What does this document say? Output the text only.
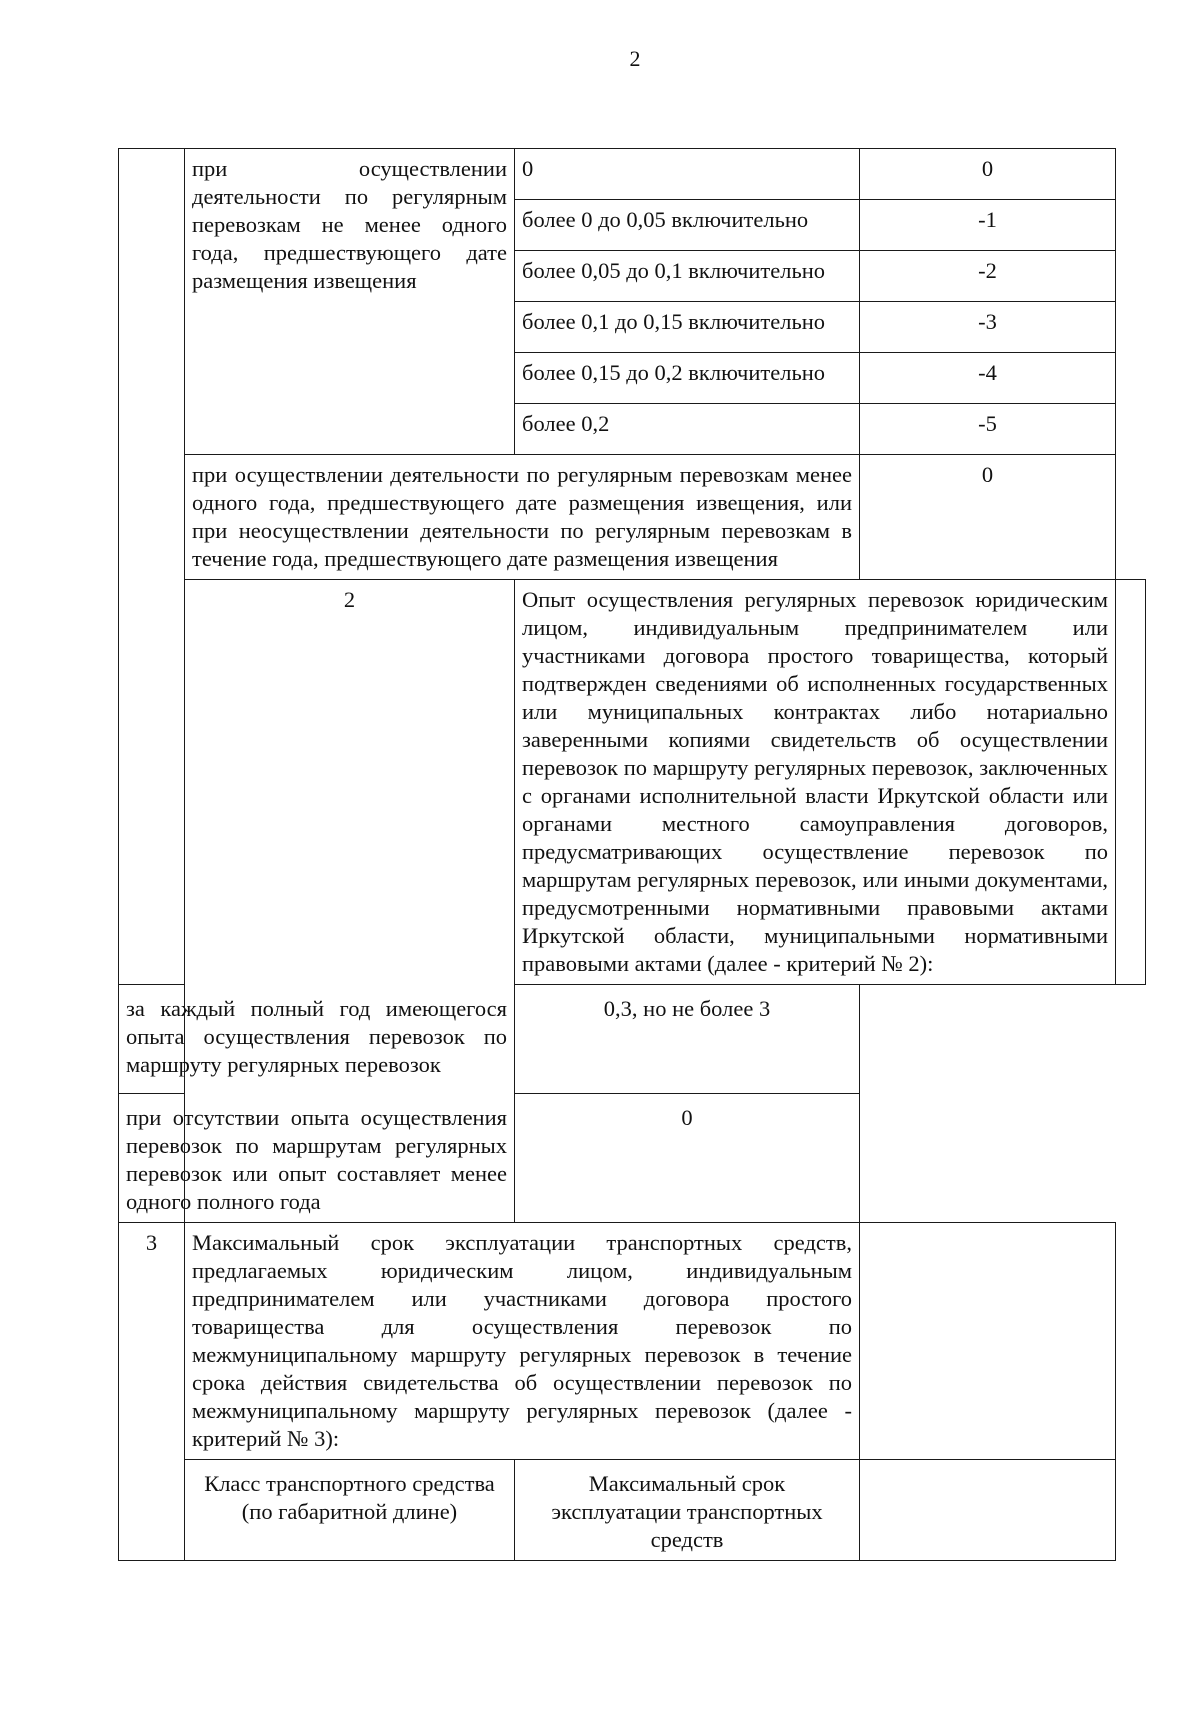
2
	при осуществлении деятельности по регулярным перевозкам не менее одного года, предшествующего дате размещения извещения	0	0	
		более 0 до 0,05 включительно	-1	
		более 0,05 до 0,1 включительно	-2	
		более 0,1 до 0,15 включительно	-3	
		более 0,15 до 0,2 включительно	-4	
		более 0,2	-5	
	при осуществлении деятельности по регулярным перевозкам менее одного года, предшествующего дате размещения извещения, или при неосуществлении деятельности по регулярным перевозкам в течение года, предшествующего дате размещения извещения		0	
	2	Опыт осуществления регулярных перевозок юридическим лицом, индивидуальным предпринимателем или участниками договора простого товарищества, который подтвержден сведениями об исполненных государственных или муниципальных контрактах либо нотариально заверенными копиями свидетельств об осуществлении перевозок по маршруту регулярных перевозок, заключенных с органами исполнительной власти Иркутской области или органами местного самоуправления договоров, предусматривающих осуществление перевозок по маршрутам регулярных перевозок, или иными документами, предусмотренными нормативными правовыми актами Иркутской области, муниципальными нормативными правовыми актами (далее - критерий № 2):		
за каждый полный год имеющегося опыта осуществления перевозок по маршруту регулярных перевозок		0,3, но не более 3		
при отсутствии опыта осуществления перевозок по маршрутам регулярных перевозок или опыт составляет менее одного полного года		0		
3	Максимальный срок эксплуатации транспортных средств, предлагаемых юридическим лицом, индивидуальным предпринимателем или участниками договора простого товарищества для осуществления перевозок по межмуниципальному маршруту регулярных перевозок в течение срока действия свидетельства об осуществлении перевозок по межмуниципальному маршруту регулярных перевозок (далее - критерий № 3):			
	Класс транспортного средства (по габаритной длине)	Максимальный срок эксплуатации транспортных средств		
